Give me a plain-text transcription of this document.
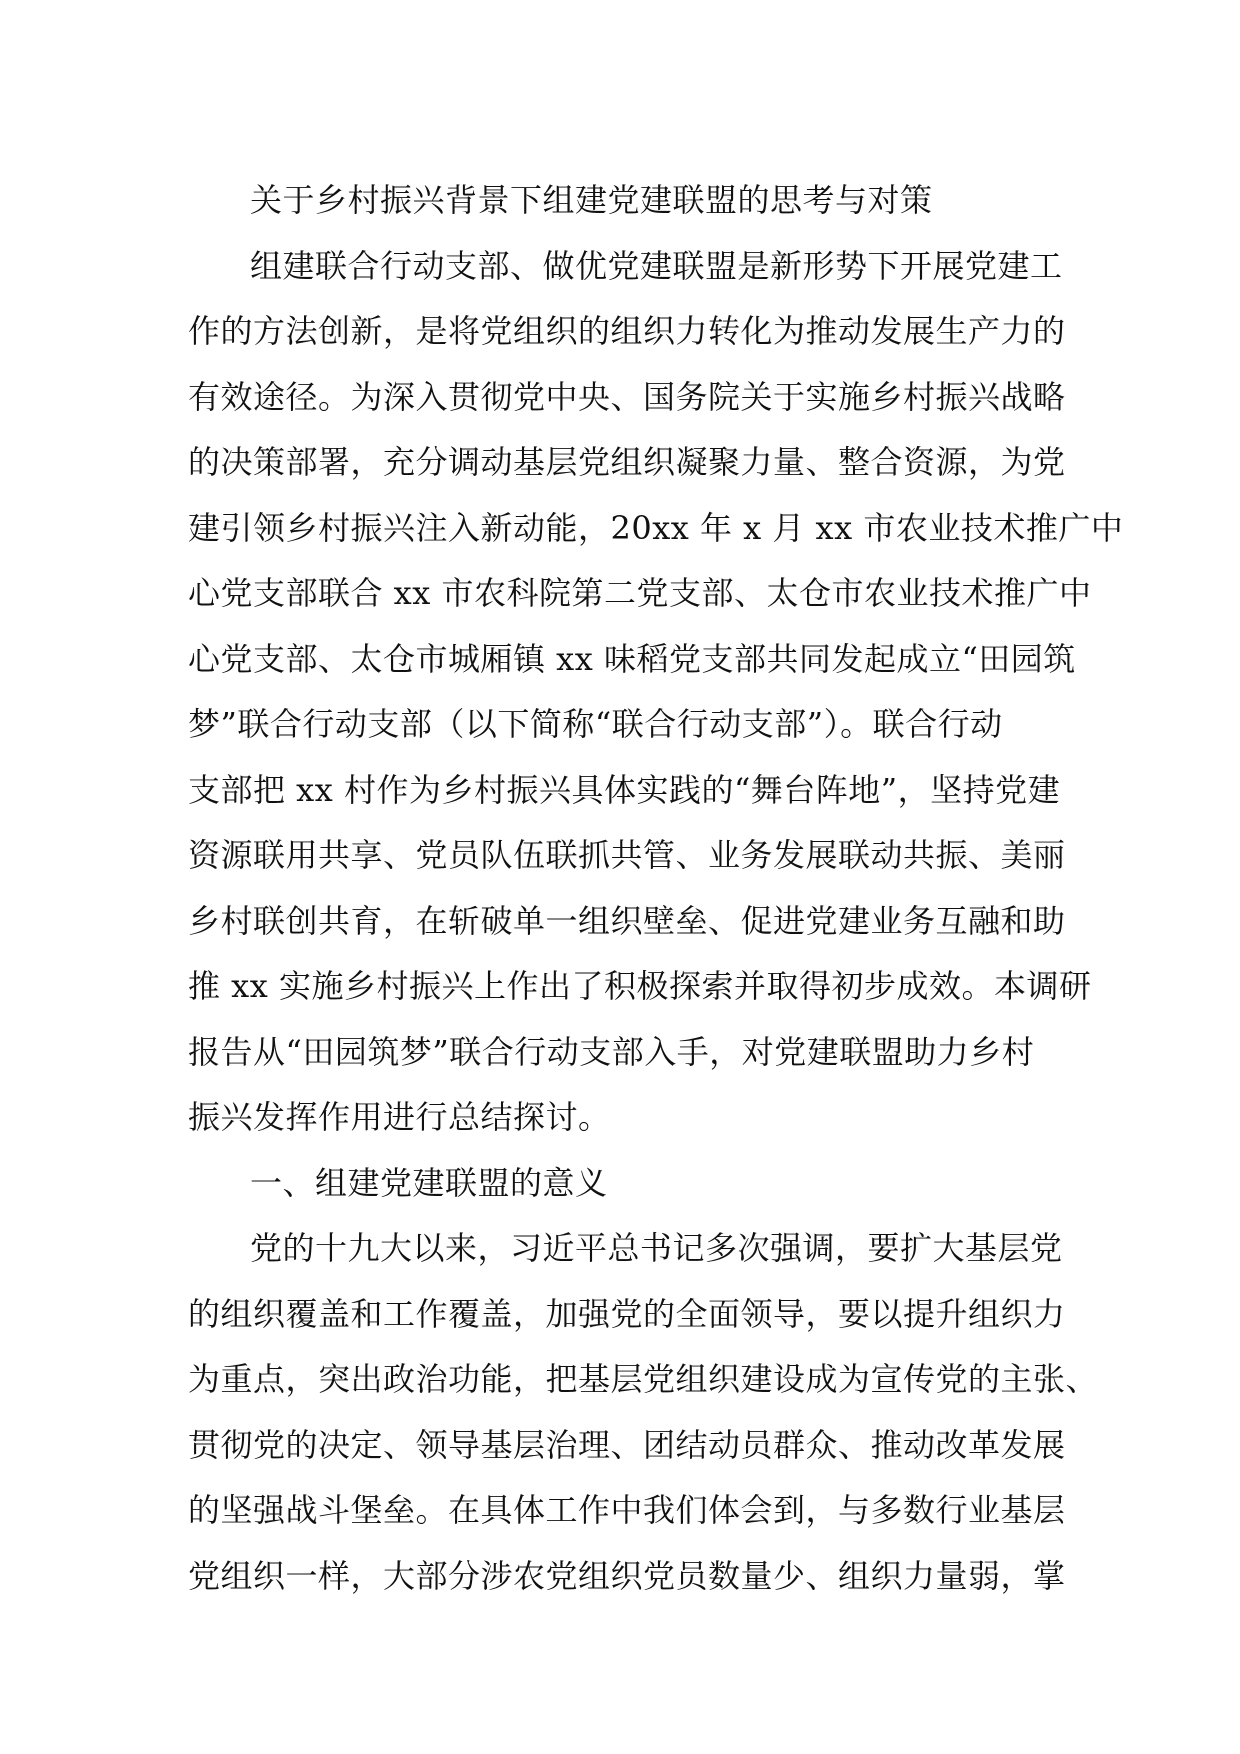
关于乡村振兴背景下组建党建联盟的思考与对策

组建联合行动支部、做优党建联盟是新形势下开展党建工

作的方法创新，是将党组织的组织力转化为推动发展生产力的

有效途径。为深入贯彻党中央、国务院关于实施乡村振兴战略

的决策部署，充分调动基层党组织凝聚力量、整合资源，为党

建引领乡村振兴注入新动能，20xx 年 x 月 xx 市农业技术推广中

心党支部联合 xx 市农科院第二党支部、太仓市农业技术推广中

心党支部、太仓市城厢镇 xx 味稻党支部共同发起成立“田园筑

梦”联合行动支部（以下简称“联合行动支部”）。联合行动

支部把 xx 村作为乡村振兴具体实践的“舞台阵地”，坚持党建

资源联用共享、党员队伍联抓共管、业务发展联动共振、美丽

乡村联创共育，在斩破单一组织壁垒、促进党建业务互融和助

推 xx 实施乡村振兴上作出了积极探索并取得初步成效。本调研

报告从“田园筑梦”联合行动支部入手，对党建联盟助力乡村

振兴发挥作用进行总结探讨。

一、组建党建联盟的意义

党的十九大以来，习近平总书记多次强调，要扩大基层党

的组织覆盖和工作覆盖，加强党的全面领导，要以提升组织力

为重点，突出政治功能，把基层党组织建设成为宣传党的主张、

贯彻党的决定、领导基层治理、团结动员群众、推动改革发展

的坚强战斗堡垒。在具体工作中我们体会到，与多数行业基层

党组织一样，大部分涉农党组织党员数量少、组织力量弱，掌
